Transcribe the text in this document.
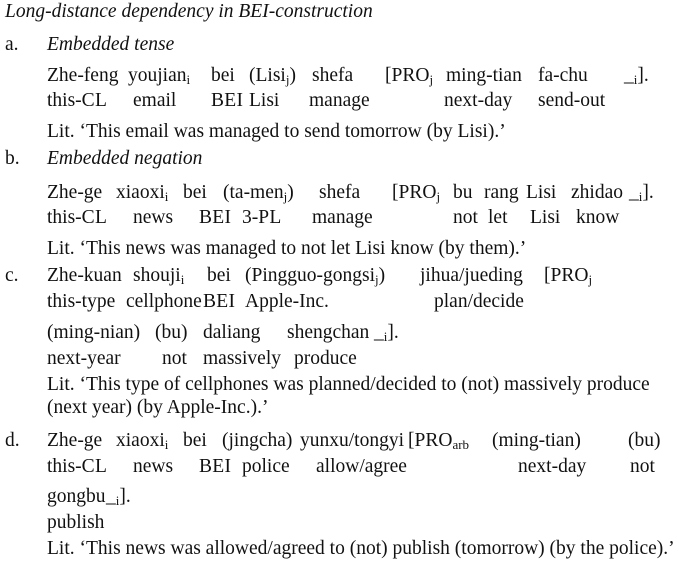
Long-distance dependency in BEI-construction
a. Embedded tense
Zhe-feng youjian$_i$ bei (Lisi$_j$) shefa [$PRO_j$ ming-tian fa-chu $\__i$].
this-CL email BEI Lisi manage	next-day send-out
Lit. ‘This email was managed to send tomorrow (by Lisi).’
b. Embedded negation
Zhe-ge xiaoxi$_i$ bei (ta-men$_j$) shefa [$PRO_j$ bu rang Lisi zhidao $\__i$].
this-CL news BEI 3-PL manage	not let Lisi know
Lit. ‘This news was managed to not let Lisi know (by them).’
c. Zhe-kuan shouji$_i$ bei (Pingguo-gongsi$_j$) jihua/jueding [$PRO_j$
this-type cellphone BEI Apple-Inc.	plan/decide
(ming-nian) (bu) daliang shengchan $\__i$].
next-year not massively produce
Lit. ‘This type of cellphones was planned/decided to (not) massively produce (next year) (by Apple-Inc.).’
d. Zhe-ge xiaoxi$_i$ bei (jingcha) yunxu/tongyi [$PRO_{arb}$ (ming-tian) (bu)
this-CL news BEI police allow/agree	next-day not
gongbu $\__i$].
publish
Lit. ‘This news was allowed/agreed to (not) publish (tomorrow) (by the police).’
